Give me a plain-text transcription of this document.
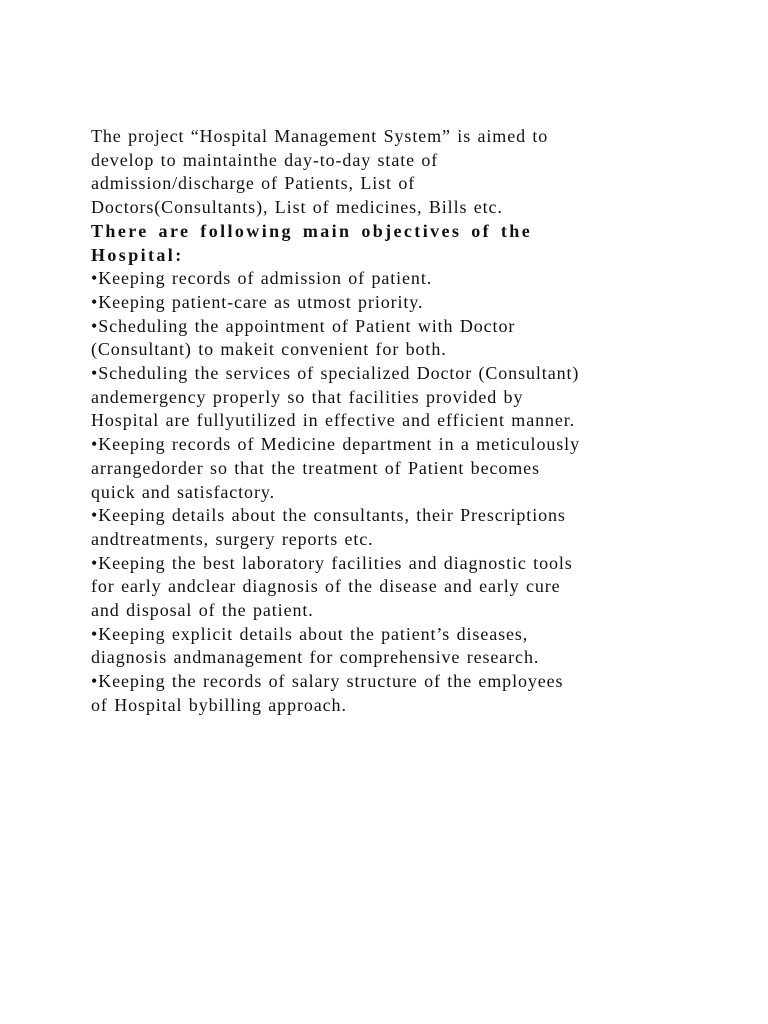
The project “Hospital Management System” is aimed to
develop to maintainthe day-to-day state of
admission/discharge of Patients, List of
Doctors(Consultants), List of medicines, Bills etc.
There are following main objectives of the
Hospital:
•Keeping records of admission of patient.
•Keeping patient-care as utmost priority.
•Scheduling the appointment of Patient with Doctor
(Consultant) to makeit convenient for both.
•Scheduling the services of specialized Doctor (Consultant)
andemergency properly so that facilities provided by
Hospital are fullyutilized in effective and efficient manner.
•Keeping records of Medicine department in a meticulously
arrangedorder so that the treatment of Patient becomes
quick and satisfactory.
•Keeping details about the consultants, their Prescriptions
andtreatments, surgery reports etc.
•Keeping the best laboratory facilities and diagnostic tools
for early andclear diagnosis of the disease and early cure
and disposal of the patient.
•Keeping explicit details about the patient’s diseases,
diagnosis andmanagement for comprehensive research.
•Keeping the records of salary structure of the employees
of Hospital bybilling approach.
